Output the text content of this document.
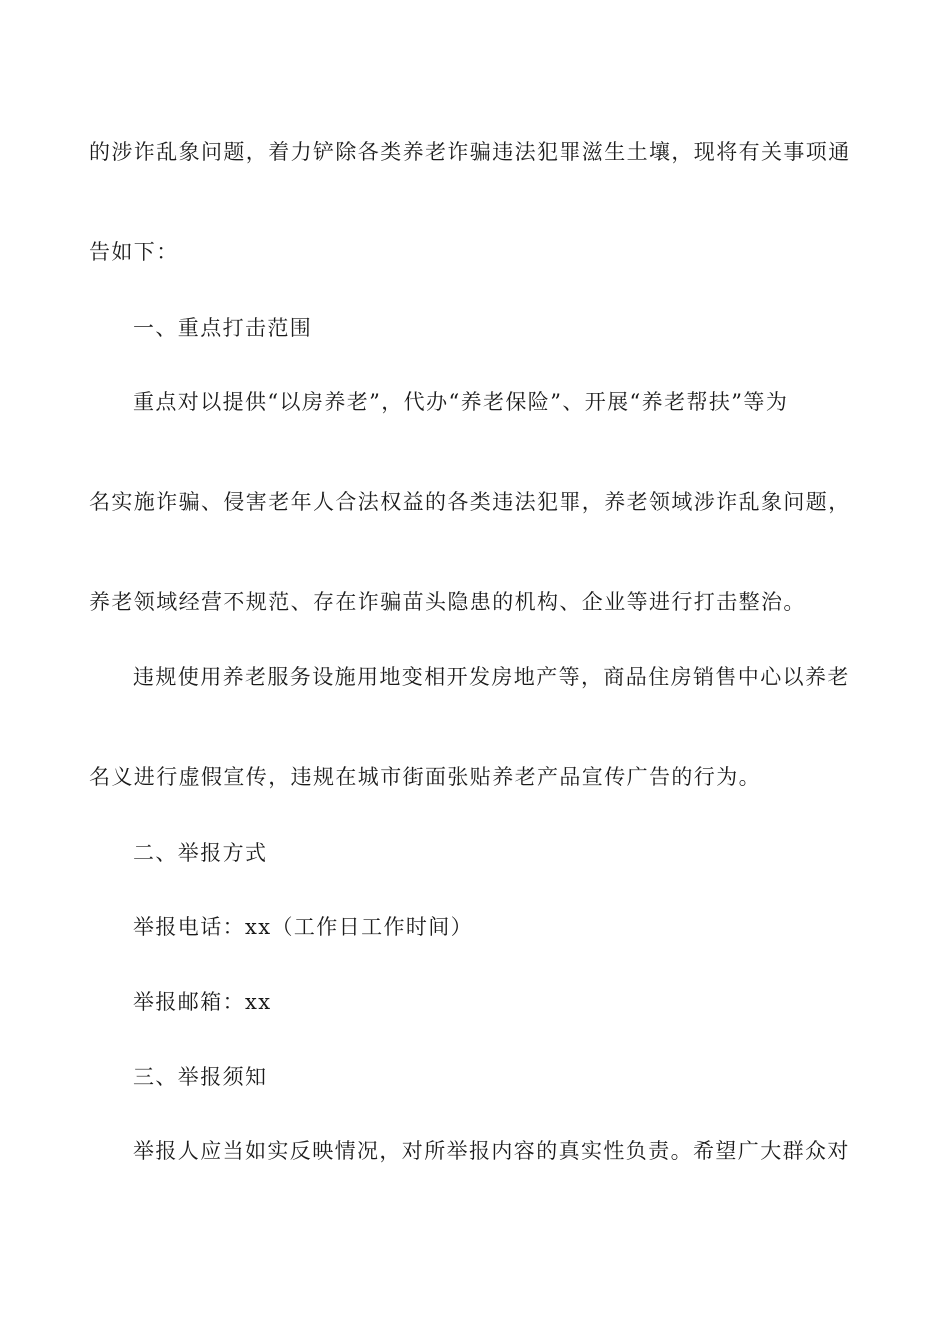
的涉诈乱象问题，着力铲除各类养老诈骗违法犯罪滋生土壤，现将有关事项通
告如下：
一、重点打击范围
重点对以提供“以房养老”，代办“养老保险”、开展“养老帮扶”等为
名实施诈骗、侵害老年人合法权益的各类违法犯罪，养老领域涉诈乱象问题，
养老领域经营不规范、存在诈骗苗头隐患的机构、企业等进行打击整治。
违规使用养老服务设施用地变相开发房地产等，商品住房销售中心以养老
名义进行虚假宣传，违规在城市街面张贴养老产品宣传广告的行为。
二、举报方式
举报电话：xx（工作日工作时间）
举报邮箱：xx
三、举报须知
举报人应当如实反映情况，对所举报内容的真实性负责。希望广大群众对
